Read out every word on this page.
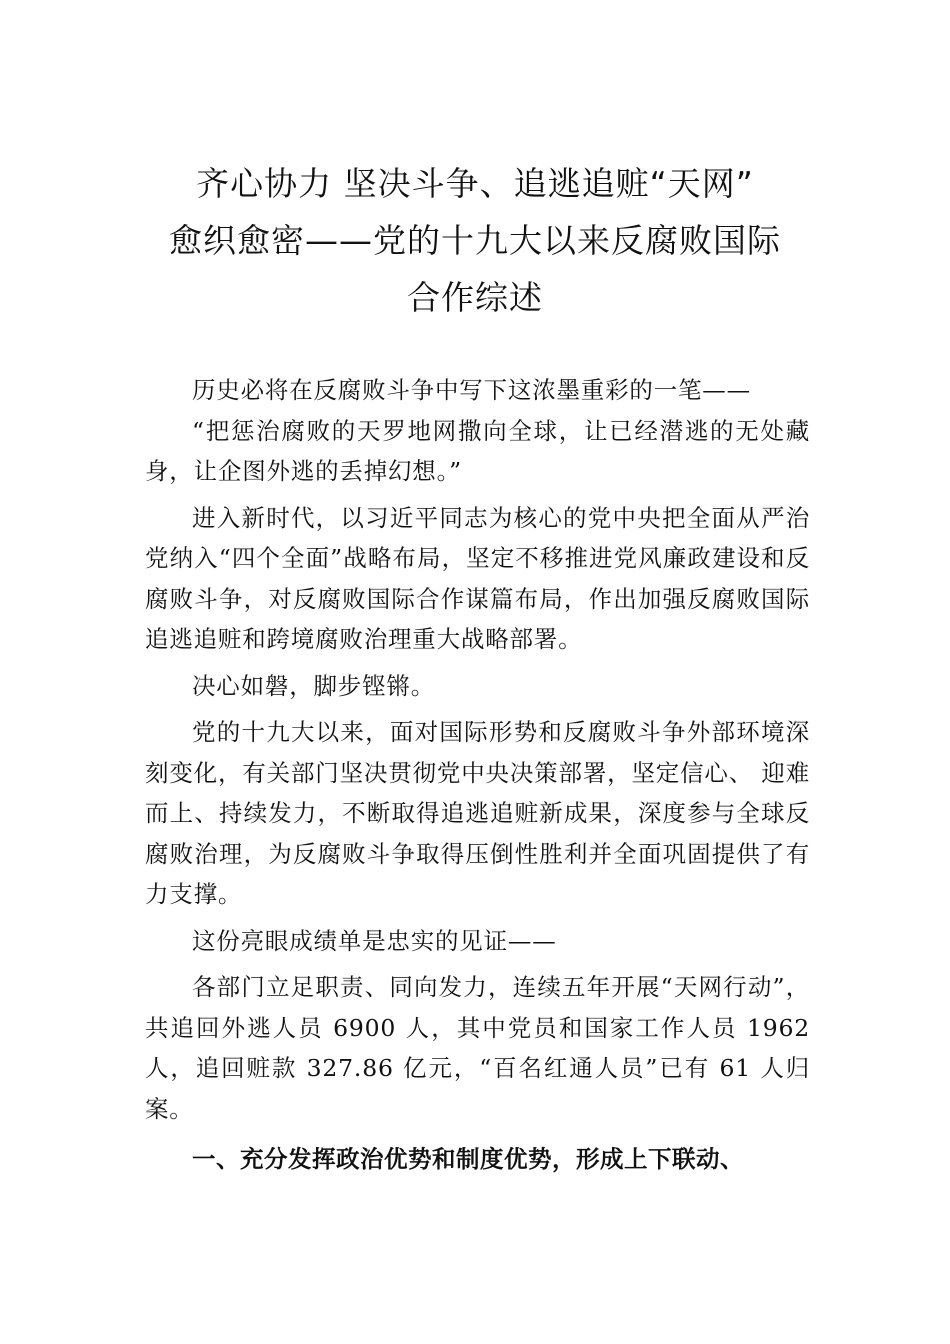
齐心协力 坚决斗争、追逃追赃“天网”
愈织愈密——党的十九大以来反腐败国际
合作综述

历史必将在反腐败斗争中写下这浓墨重彩的一笔——

“把惩治腐败的天罗地网撒向全球，让已经潜逃的无处藏身，让企图外逃的丢掉幻想。”

进入新时代，以习近平同志为核心的党中央把全面从严治党纳入“四个全面”战略布局，坚定不移推进党风廉政建设和反腐败斗争，对反腐败国际合作谋篇布局，作出加强反腐败国际追逃追赃和跨境腐败治理重大战略部署。

决心如磐，脚步铿锵。

党的十九大以来，面对国际形势和反腐败斗争外部环境深刻变化，有关部门坚决贯彻党中央决策部署，坚定信心、 迎难而上、持续发力，不断取得追逃追赃新成果，深度参与全球反腐败治理，为反腐败斗争取得压倒性胜利并全面巩固提供了有力支撑。

这份亮眼成绩单是忠实的见证——

各部门立足职责、同向发力，连续五年开展“天网行动”，共追回外逃人员 6900 人，其中党员和国家工作人员 1962 人，追回赃款 327.86 亿元，“百名红通人员”已有 61 人归案。

一、充分发挥政治优势和制度优势，形成上下联动、
